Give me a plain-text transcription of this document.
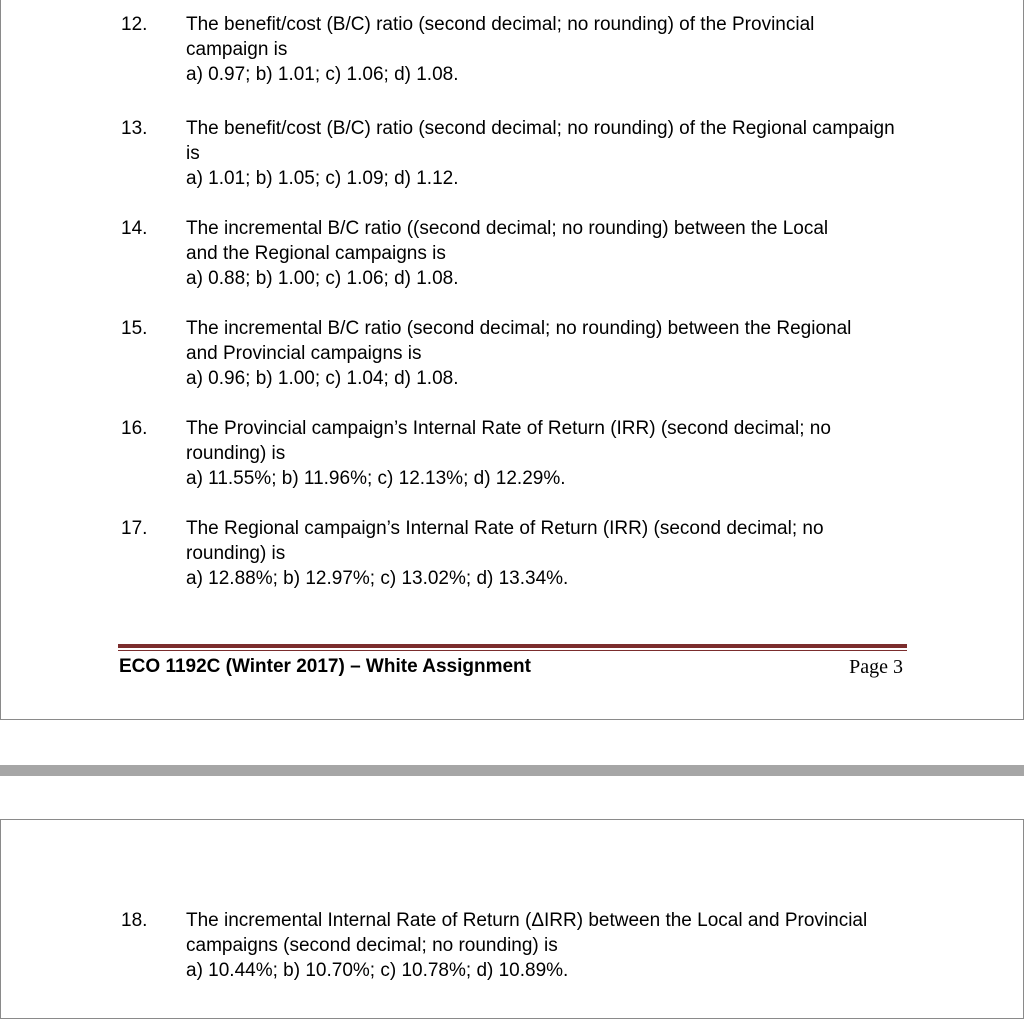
12. The benefit/cost (B/C) ratio (second decimal; no rounding) of the Provincial campaign is
a) 0.97; b) 1.01; c) 1.06; d) 1.08.
13. The benefit/cost (B/C) ratio (second decimal; no rounding) of the Regional campaign is
a) 1.01; b) 1.05; c) 1.09; d) 1.12.
14. The incremental B/C ratio ((second decimal; no rounding) between the Local  and the Regional campaigns is
a) 0.88; b) 1.00; c) 1.06; d) 1.08.
15. The incremental B/C ratio (second decimal; no rounding) between the Regional and Provincial campaigns is
a) 0.96; b) 1.00; c) 1.04; d) 1.08.
16. The Provincial campaign’s Internal Rate of Return (IRR) (second decimal; no rounding) is
a) 11.55%; b) 11.96%; c) 12.13%; d) 12.29%.
17. The Regional campaign’s Internal Rate of Return (IRR) (second decimal; no rounding) is
a) 12.88%; b) 12.97%; c) 13.02%; d) 13.34%.
ECO 1192C (Winter 2017) – White Assignment	Page 3
18. The incremental Internal Rate of Return (ΔIRR) between the Local and Provincial campaigns (second decimal; no rounding) is
a) 10.44%; b) 10.70%; c) 10.78%; d) 10.89%.
